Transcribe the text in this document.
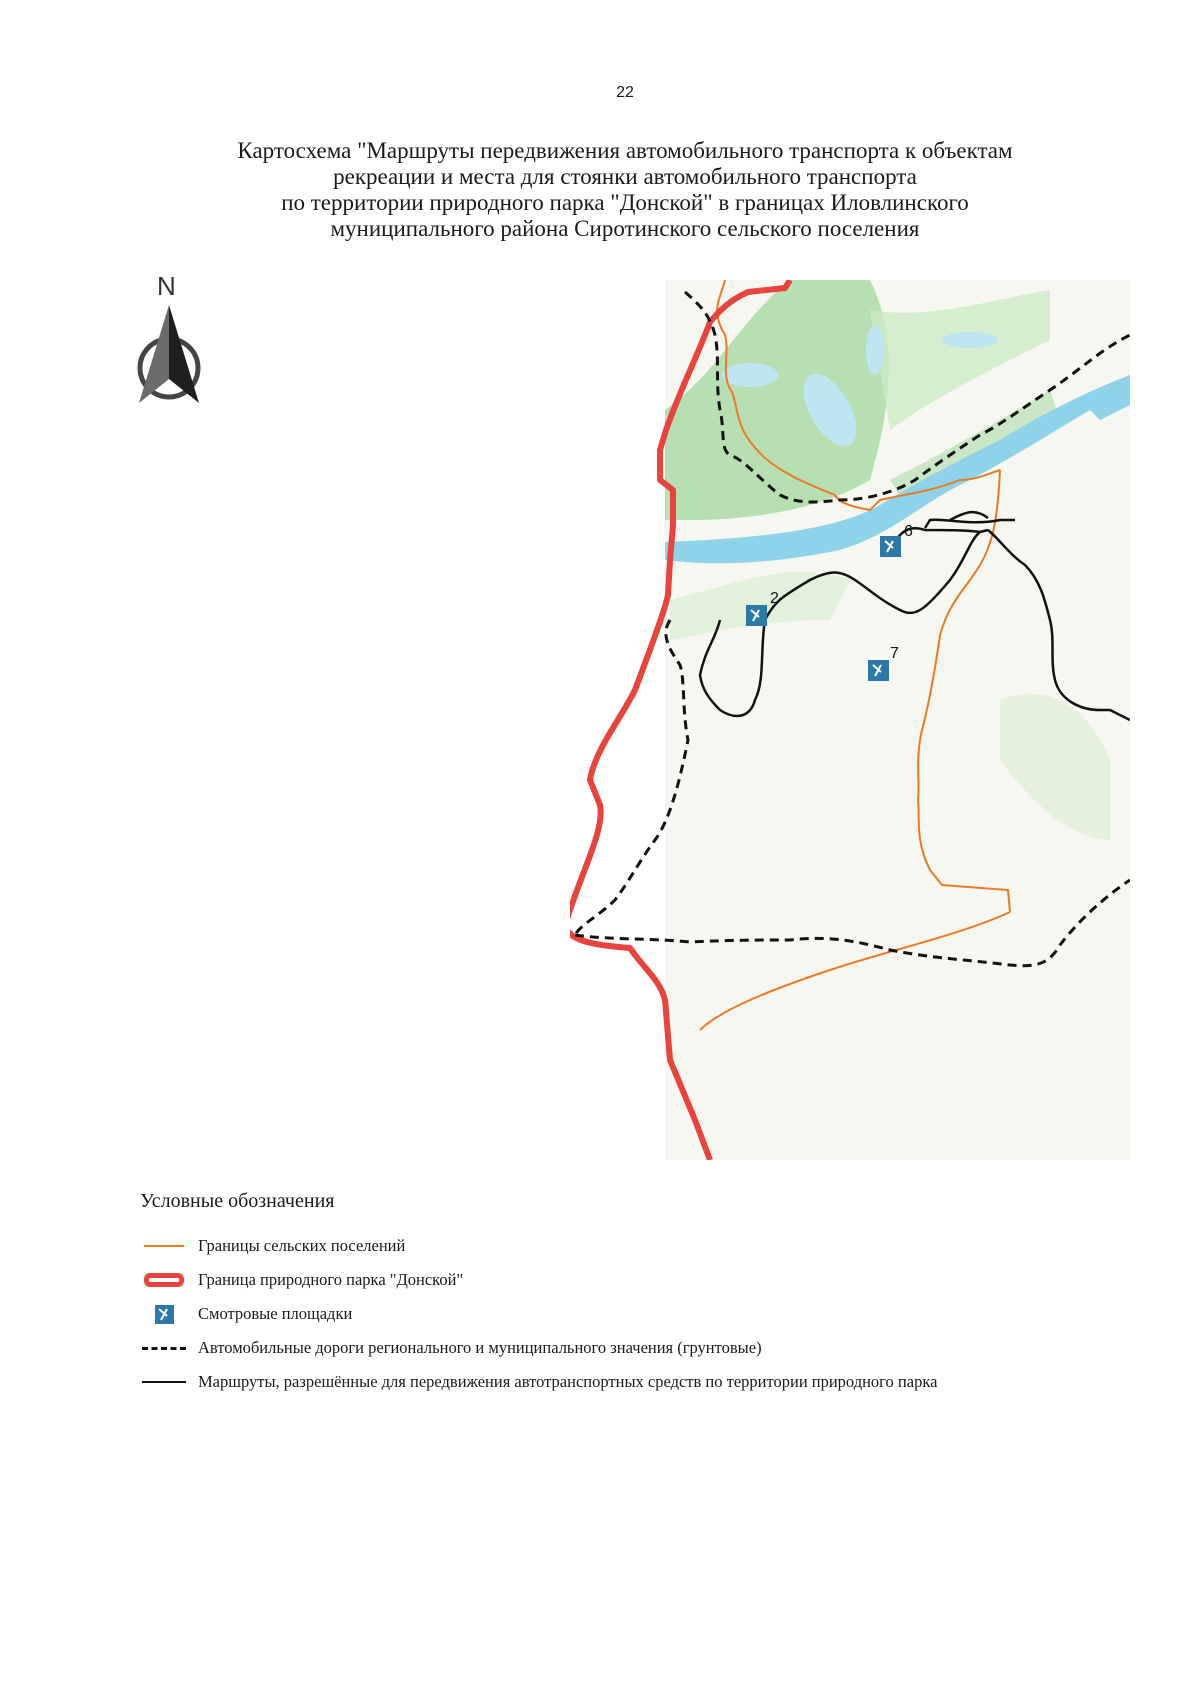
22
Картосхема "Маршруты передвижения автомобильного транспорта к объектам
рекреации и места для стоянки автомобильного транспорта
по территории природного парка "Донской" в границах Иловлинского
муниципального района Сиротинского сельского поселения
N
2
6
7
Условные обозначения
Границы сельских поселений
Граница природного парка "Донской"
Смотровые площадки
Автомобильные дороги регионального и муниципального значения (грунтовые)
Маршруты, разрешённые для передвижения автотранспортных средств по территории природного парка
